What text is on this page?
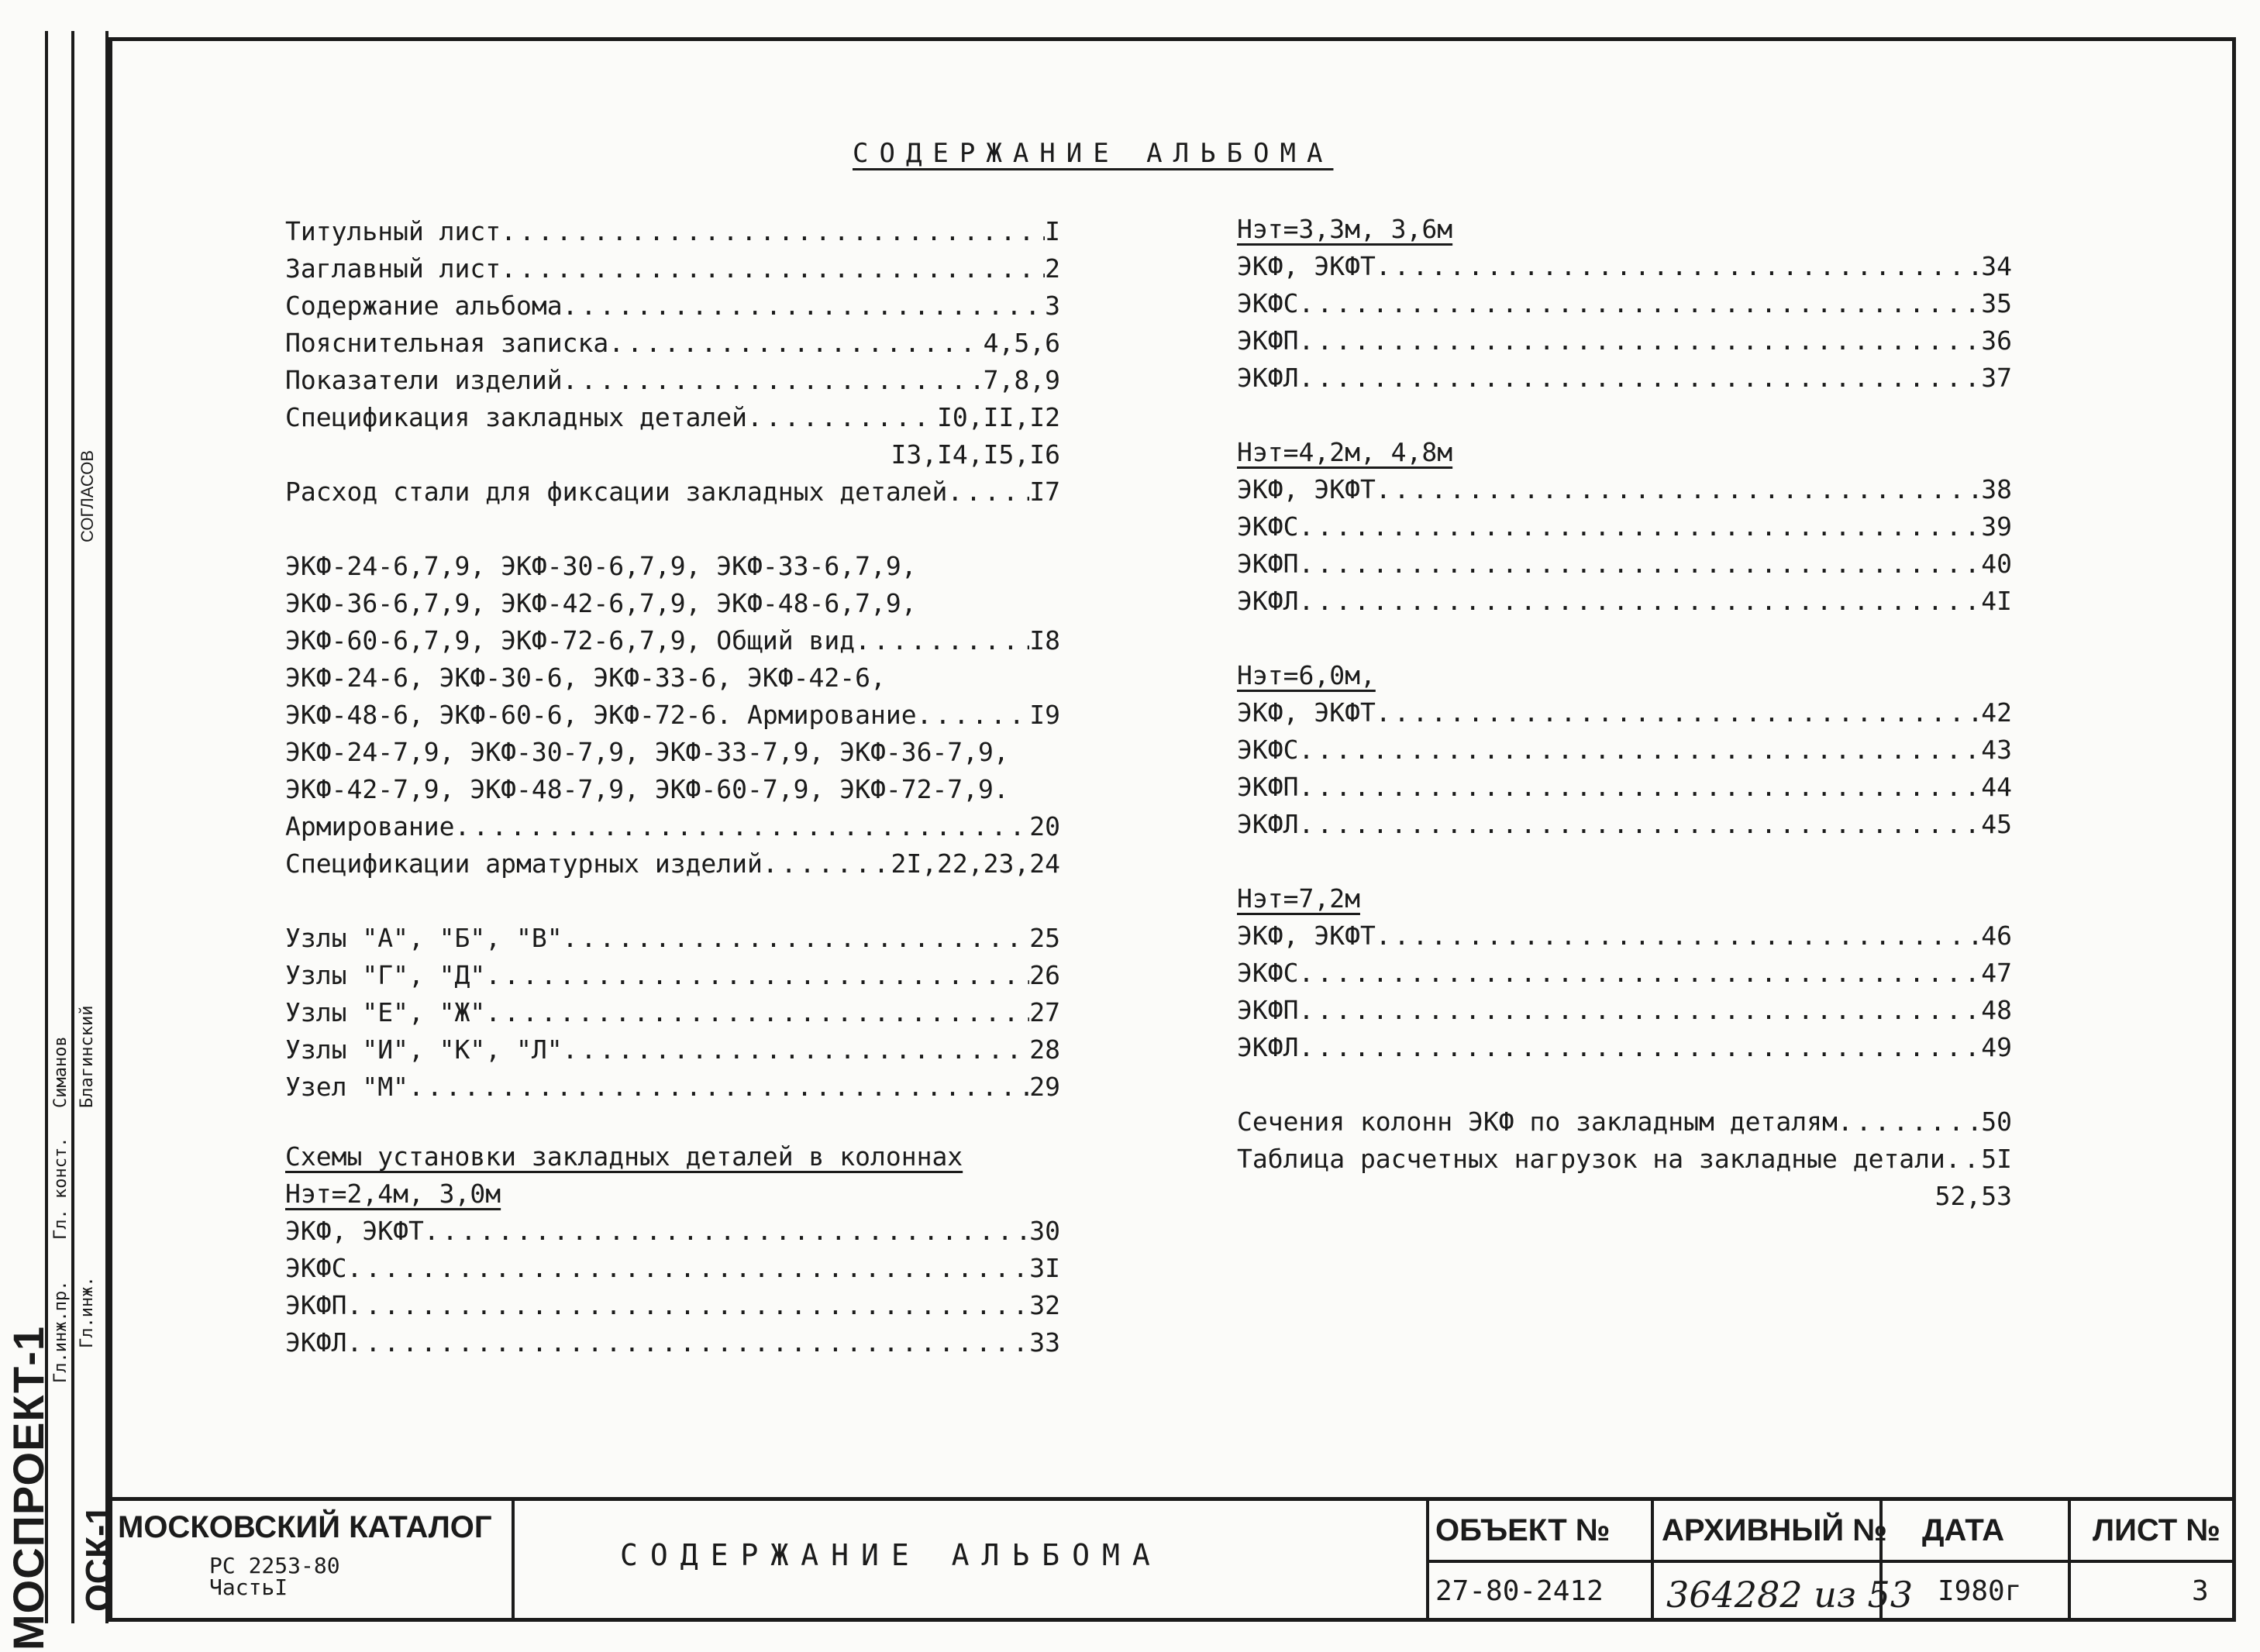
МОСПРОЕКТ-1 ОСК-1
СОГЛАСОВ
Гл.инж.пр.
Гл. конст.
Гл.инж.
Благинский
Симанов
СОДЕРЖАНИЕ АЛЬБОМА
Титульный лист .....	I
Заглавный лист .....	2
Содержание альбома .....	3
Пояснительная записка .....	4,5,6
Показатели изделий .....	7,8,9
Спецификация закладных деталей .....	I0,II,I2
I3,I4,I5,I6
Расход стали для фиксации закладных деталей .....	I7
ЭКФ-24-6,7,9, ЭКФ-30-6,7,9, ЭКФ-33-6,7,9,
ЭКФ-36-6,7,9, ЭКФ-42-6,7,9, ЭКФ-48-6,7,9,
ЭКФ-60-6,7,9, ЭКФ-72-6,7,9, Общий вид .....	I8
ЭКФ-24-6, ЭКФ-30-6, ЭКФ-33-6, ЭКФ-42-6,
ЭКФ-48-6, ЭКФ-60-6, ЭКФ-72-6. Армирование .....	I9
ЭКФ-24-7,9, ЭКФ-30-7,9, ЭКФ-33-7,9, ЭКФ-36-7,9,
ЭКФ-42-7,9, ЭКФ-48-7,9, ЭКФ-60-7,9, ЭКФ-72-7,9.
Армирование .....	20
Спецификации арматурных изделий .....	2I,22,23,24
Узлы "А", "Б", "В" .....	25
Узлы "Г", "Д" .....	26
Узлы "Е", "Ж" .....	27
Узлы "И", "К", "Л" .....	28
Узел "М" .....	29
Схемы установки закладных деталей в колоннах
Нэт=2,4м, 3,0м
ЭКФ, ЭКФТ .....	30
ЭКФС .....	3I
ЭКФП .....	32
ЭКФЛ .....	33
Нэт=3,3м, 3,6м
ЭКФ, ЭКФТ .....	34
ЭКФС .....	35
ЭКФП .....	36
ЭКФЛ .....	37
Нэт=4,2м, 4,8м
ЭКФ, ЭКФТ .....	38
ЭКФС .....	39
ЭКФП .....	40
ЭКФЛ .....	4I
Нэт=6,0м,
ЭКФ, ЭКФТ .....	42
ЭКФС .....	43
ЭКФП .....	44
ЭКФЛ .....	45
Нэт=7,2м
ЭКФ, ЭКФТ .....	46
ЭКФС .....	47
ЭКФП .....	48
ЭКФЛ .....	49
Сечения колонн ЭКФ по закладным деталям .....	50
Таблица расчетных нагрузок на закладные детали ..... 5I
52,53
МОСКОВСКИЙ КАТАЛОГ
РС 2253-80
ЧастьI
СОДЕРЖАНИЕ АЛЬБОМА
ОБЪЕКТ №
27-80-2412
АРХИВНЫЙ №
364282 из 53
ДАТА
I980г
ЛИСТ №
3
